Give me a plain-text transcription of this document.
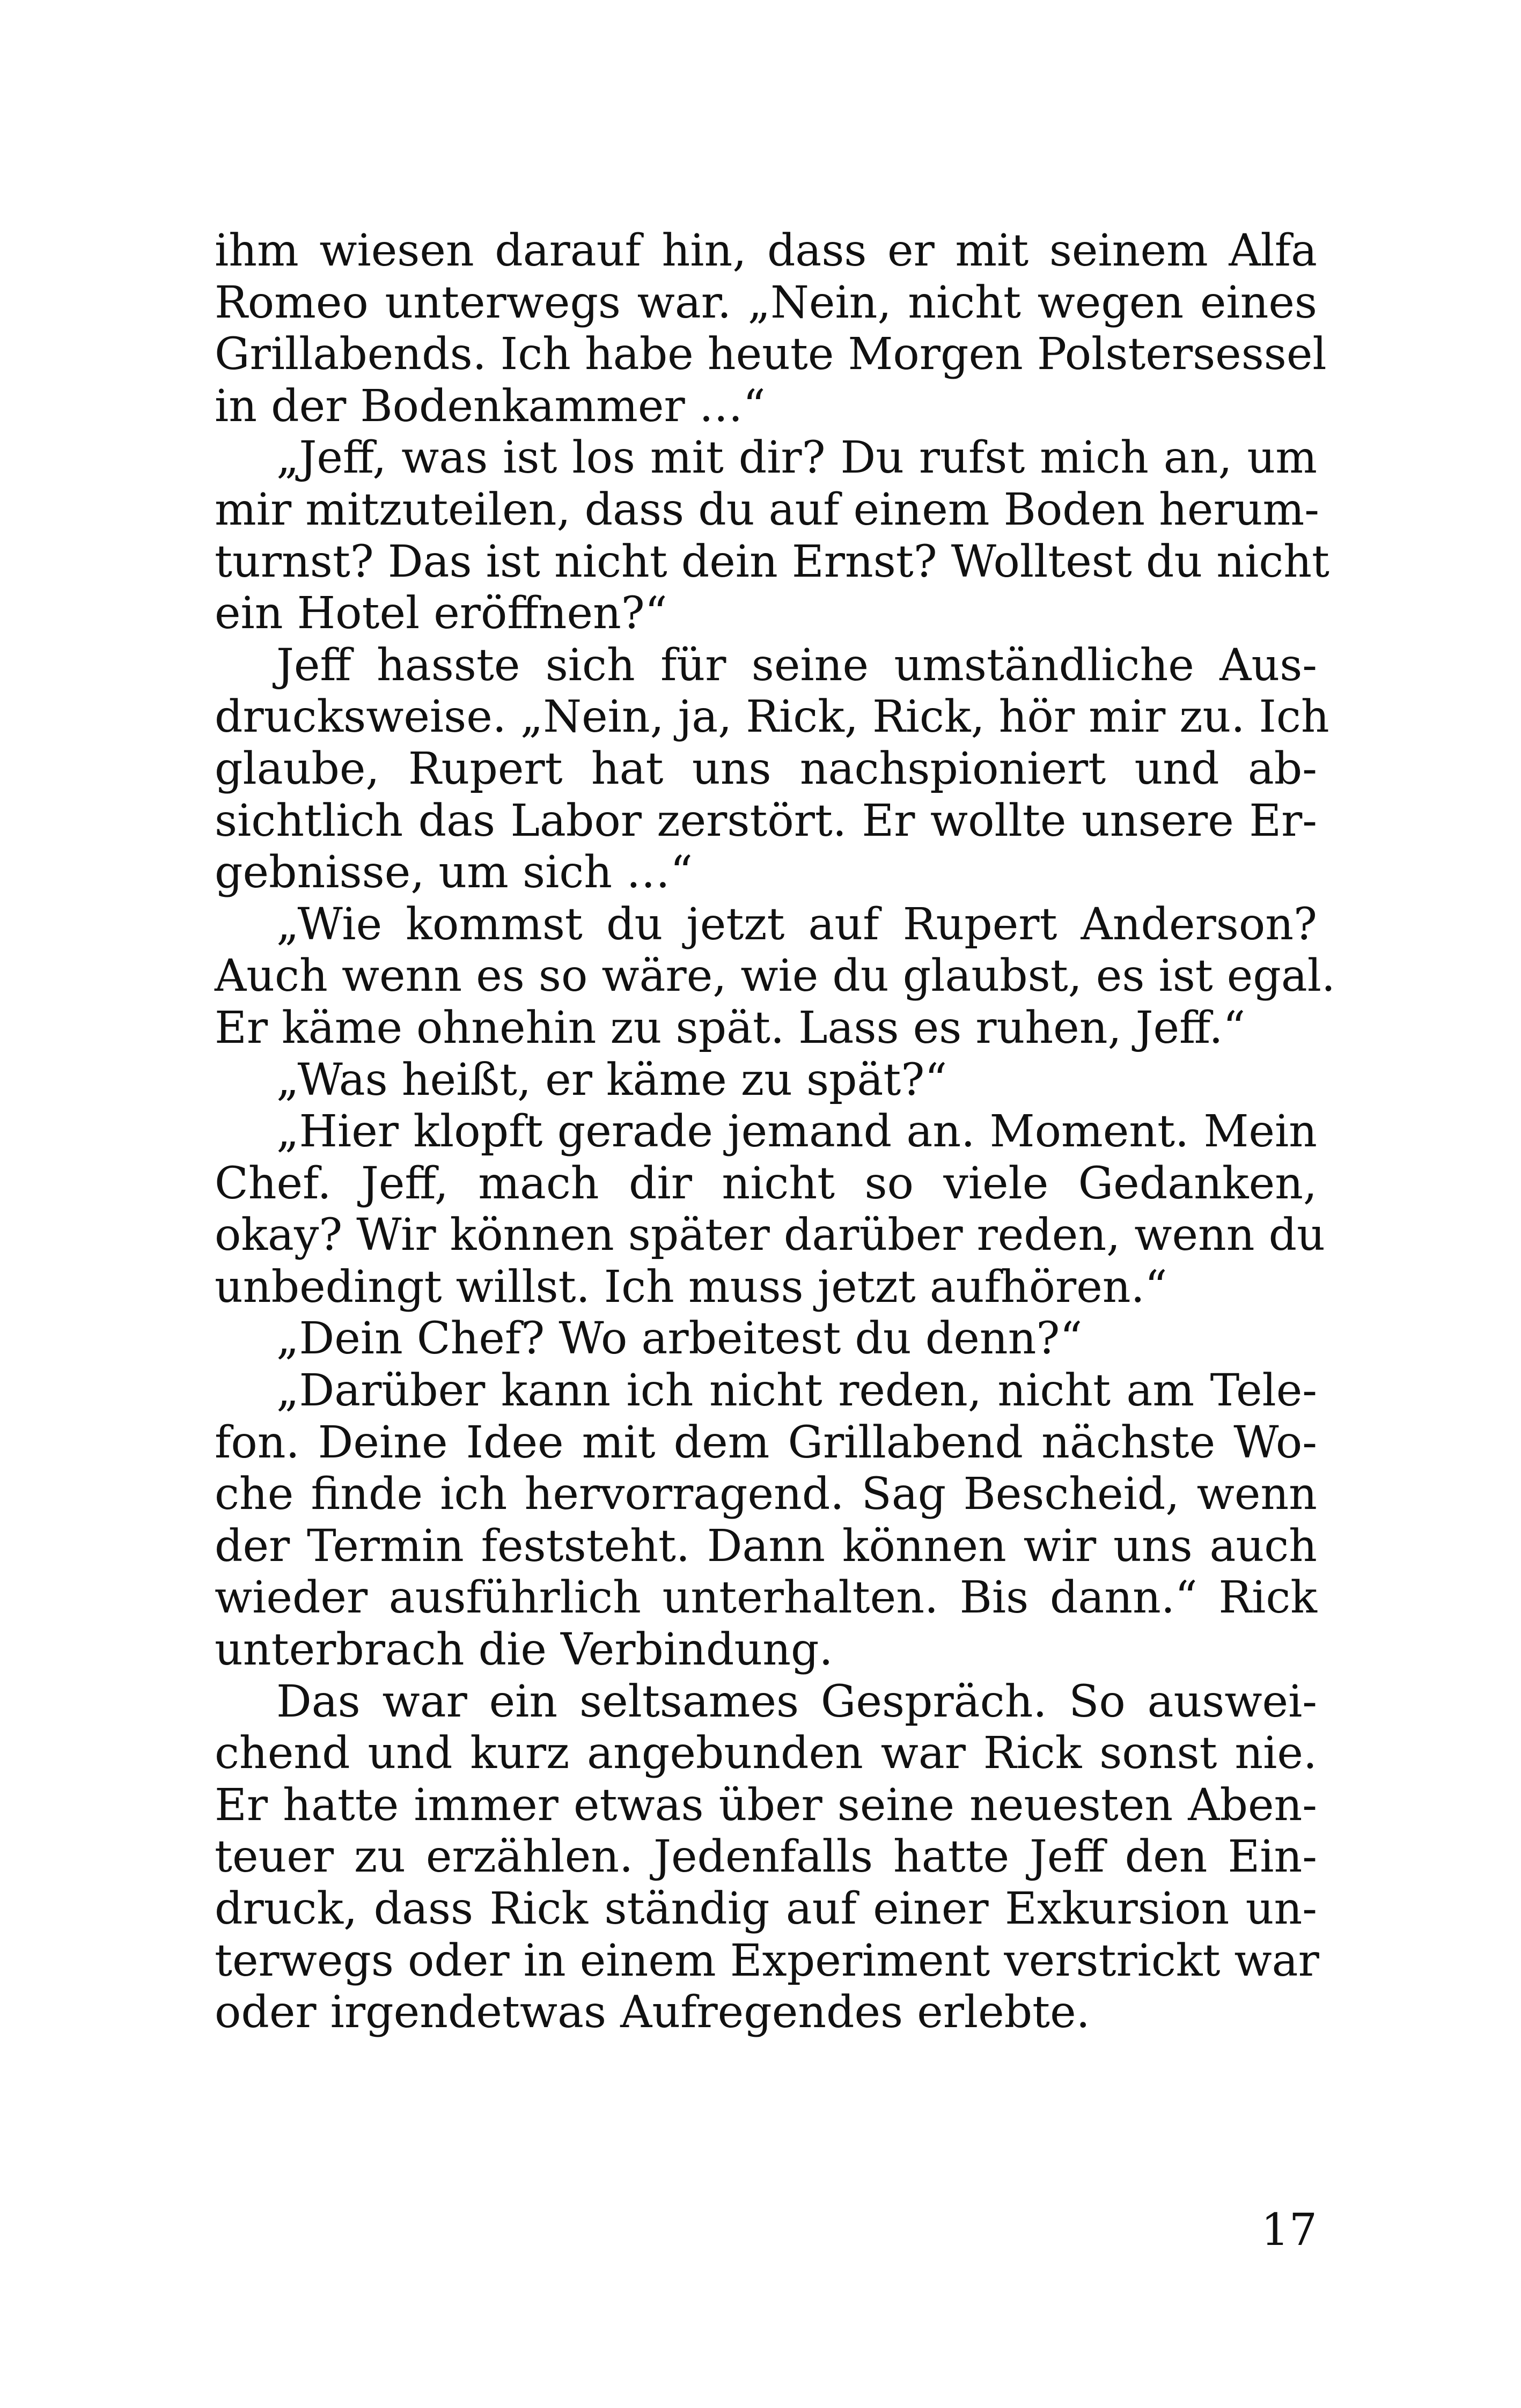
ihm wiesen darauf hin, dass er mit seinem Alfa
Romeo unterwegs war. „Nein, nicht wegen eines
Grillabends. Ich habe heute Morgen Polstersessel
in der Bodenkammer …“
„Jeff, was ist los mit dir? Du rufst mich an, um
mir mitzuteilen, dass du auf einem Boden herum-
turnst? Das ist nicht dein Ernst? Wolltest du nicht
ein Hotel eröffnen?“
Jeff hasste sich für seine umständliche Aus-
drucksweise. „Nein, ja, Rick, Rick, hör mir zu. Ich
glaube, Rupert hat uns nachspioniert und ab-
sichtlich das Labor zerstört. Er wollte unsere Er-
gebnisse, um sich …“
„Wie kommst du jetzt auf Rupert Anderson?
Auch wenn es so wäre, wie du glaubst, es ist egal.
Er käme ohnehin zu spät. Lass es ruhen, Jeff.“
„Was heißt, er käme zu spät?“
„Hier klopft gerade jemand an. Moment. Mein
Chef. Jeff, mach dir nicht so viele Gedanken,
okay? Wir können später darüber reden, wenn du
unbedingt willst. Ich muss jetzt aufhören.“
„Dein Chef? Wo arbeitest du denn?“
„Darüber kann ich nicht reden, nicht am Tele-
fon. Deine Idee mit dem Grillabend nächste Wo-
che finde ich hervorragend. Sag Bescheid, wenn
der Termin feststeht. Dann können wir uns auch
wieder ausführlich unterhalten. Bis dann.“ Rick
unterbrach die Verbindung.
Das war ein seltsames Gespräch. So auswei-
chend und kurz angebunden war Rick sonst nie.
Er hatte immer etwas über seine neuesten Aben-
teuer zu erzählen. Jedenfalls hatte Jeff den Ein-
druck, dass Rick ständig auf einer Exkursion un-
terwegs oder in einem Experiment verstrickt war
oder irgendetwas Aufregendes erlebte.
17
